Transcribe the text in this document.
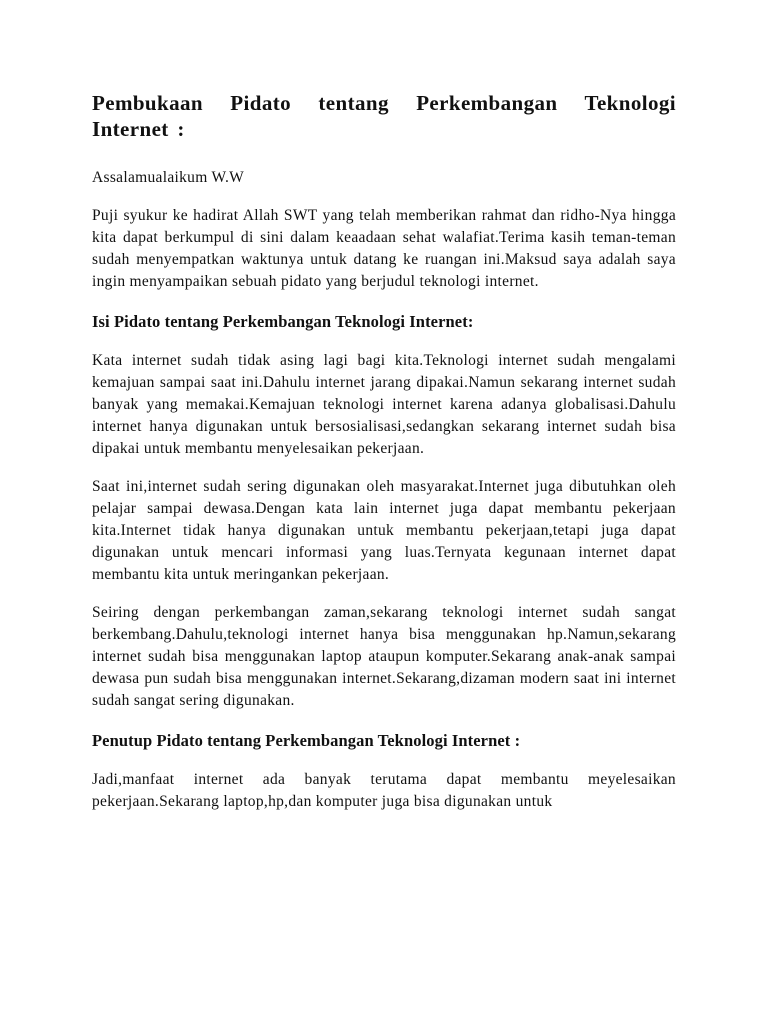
Pembukaan Pidato tentang Perkembangan Teknologi Internet :

Assalamualaikum W.W

Puji syukur ke hadirat Allah SWT yang telah memberikan rahmat dan ridho-Nya hingga kita dapat berkumpul di sini dalam keaadaan sehat walafiat.Terima kasih teman-teman sudah menyempatkan waktunya untuk datang ke ruangan ini.Maksud saya adalah saya ingin menyampaikan sebuah pidato yang berjudul teknologi internet.

Isi Pidato tentang Perkembangan Teknologi Internet:

Kata internet sudah tidak asing lagi bagi kita.Teknologi internet sudah mengalami kemajuan sampai saat ini.Dahulu internet jarang dipakai.Namun sekarang internet sudah banyak yang memakai.Kemajuan teknologi internet karena adanya globalisasi.Dahulu internet hanya digunakan untuk bersosialisasi,sedangkan sekarang internet sudah bisa dipakai untuk membantu menyelesaikan pekerjaan.

Saat ini,internet sudah sering digunakan oleh masyarakat.Internet juga dibutuhkan oleh pelajar sampai dewasa.Dengan kata lain internet juga dapat membantu pekerjaan kita.Internet tidak hanya digunakan untuk membantu pekerjaan,tetapi juga dapat digunakan untuk mencari informasi yang luas.Ternyata kegunaan internet dapat membantu kita untuk meringankan pekerjaan.

Seiring dengan perkembangan zaman,sekarang teknologi internet sudah sangat berkembang.Dahulu,teknologi internet hanya bisa menggunakan hp.Namun,sekarang internet sudah bisa menggunakan laptop ataupun komputer.Sekarang anak-anak sampai dewasa pun sudah bisa menggunakan internet.Sekarang,dizaman modern saat ini internet sudah sangat sering digunakan.

Penutup Pidato tentang Perkembangan Teknologi Internet :

Jadi,manfaat internet ada banyak terutama dapat membantu meyelesaikan pekerjaan.Sekarang laptop,hp,dan komputer juga bisa digunakan untuk
